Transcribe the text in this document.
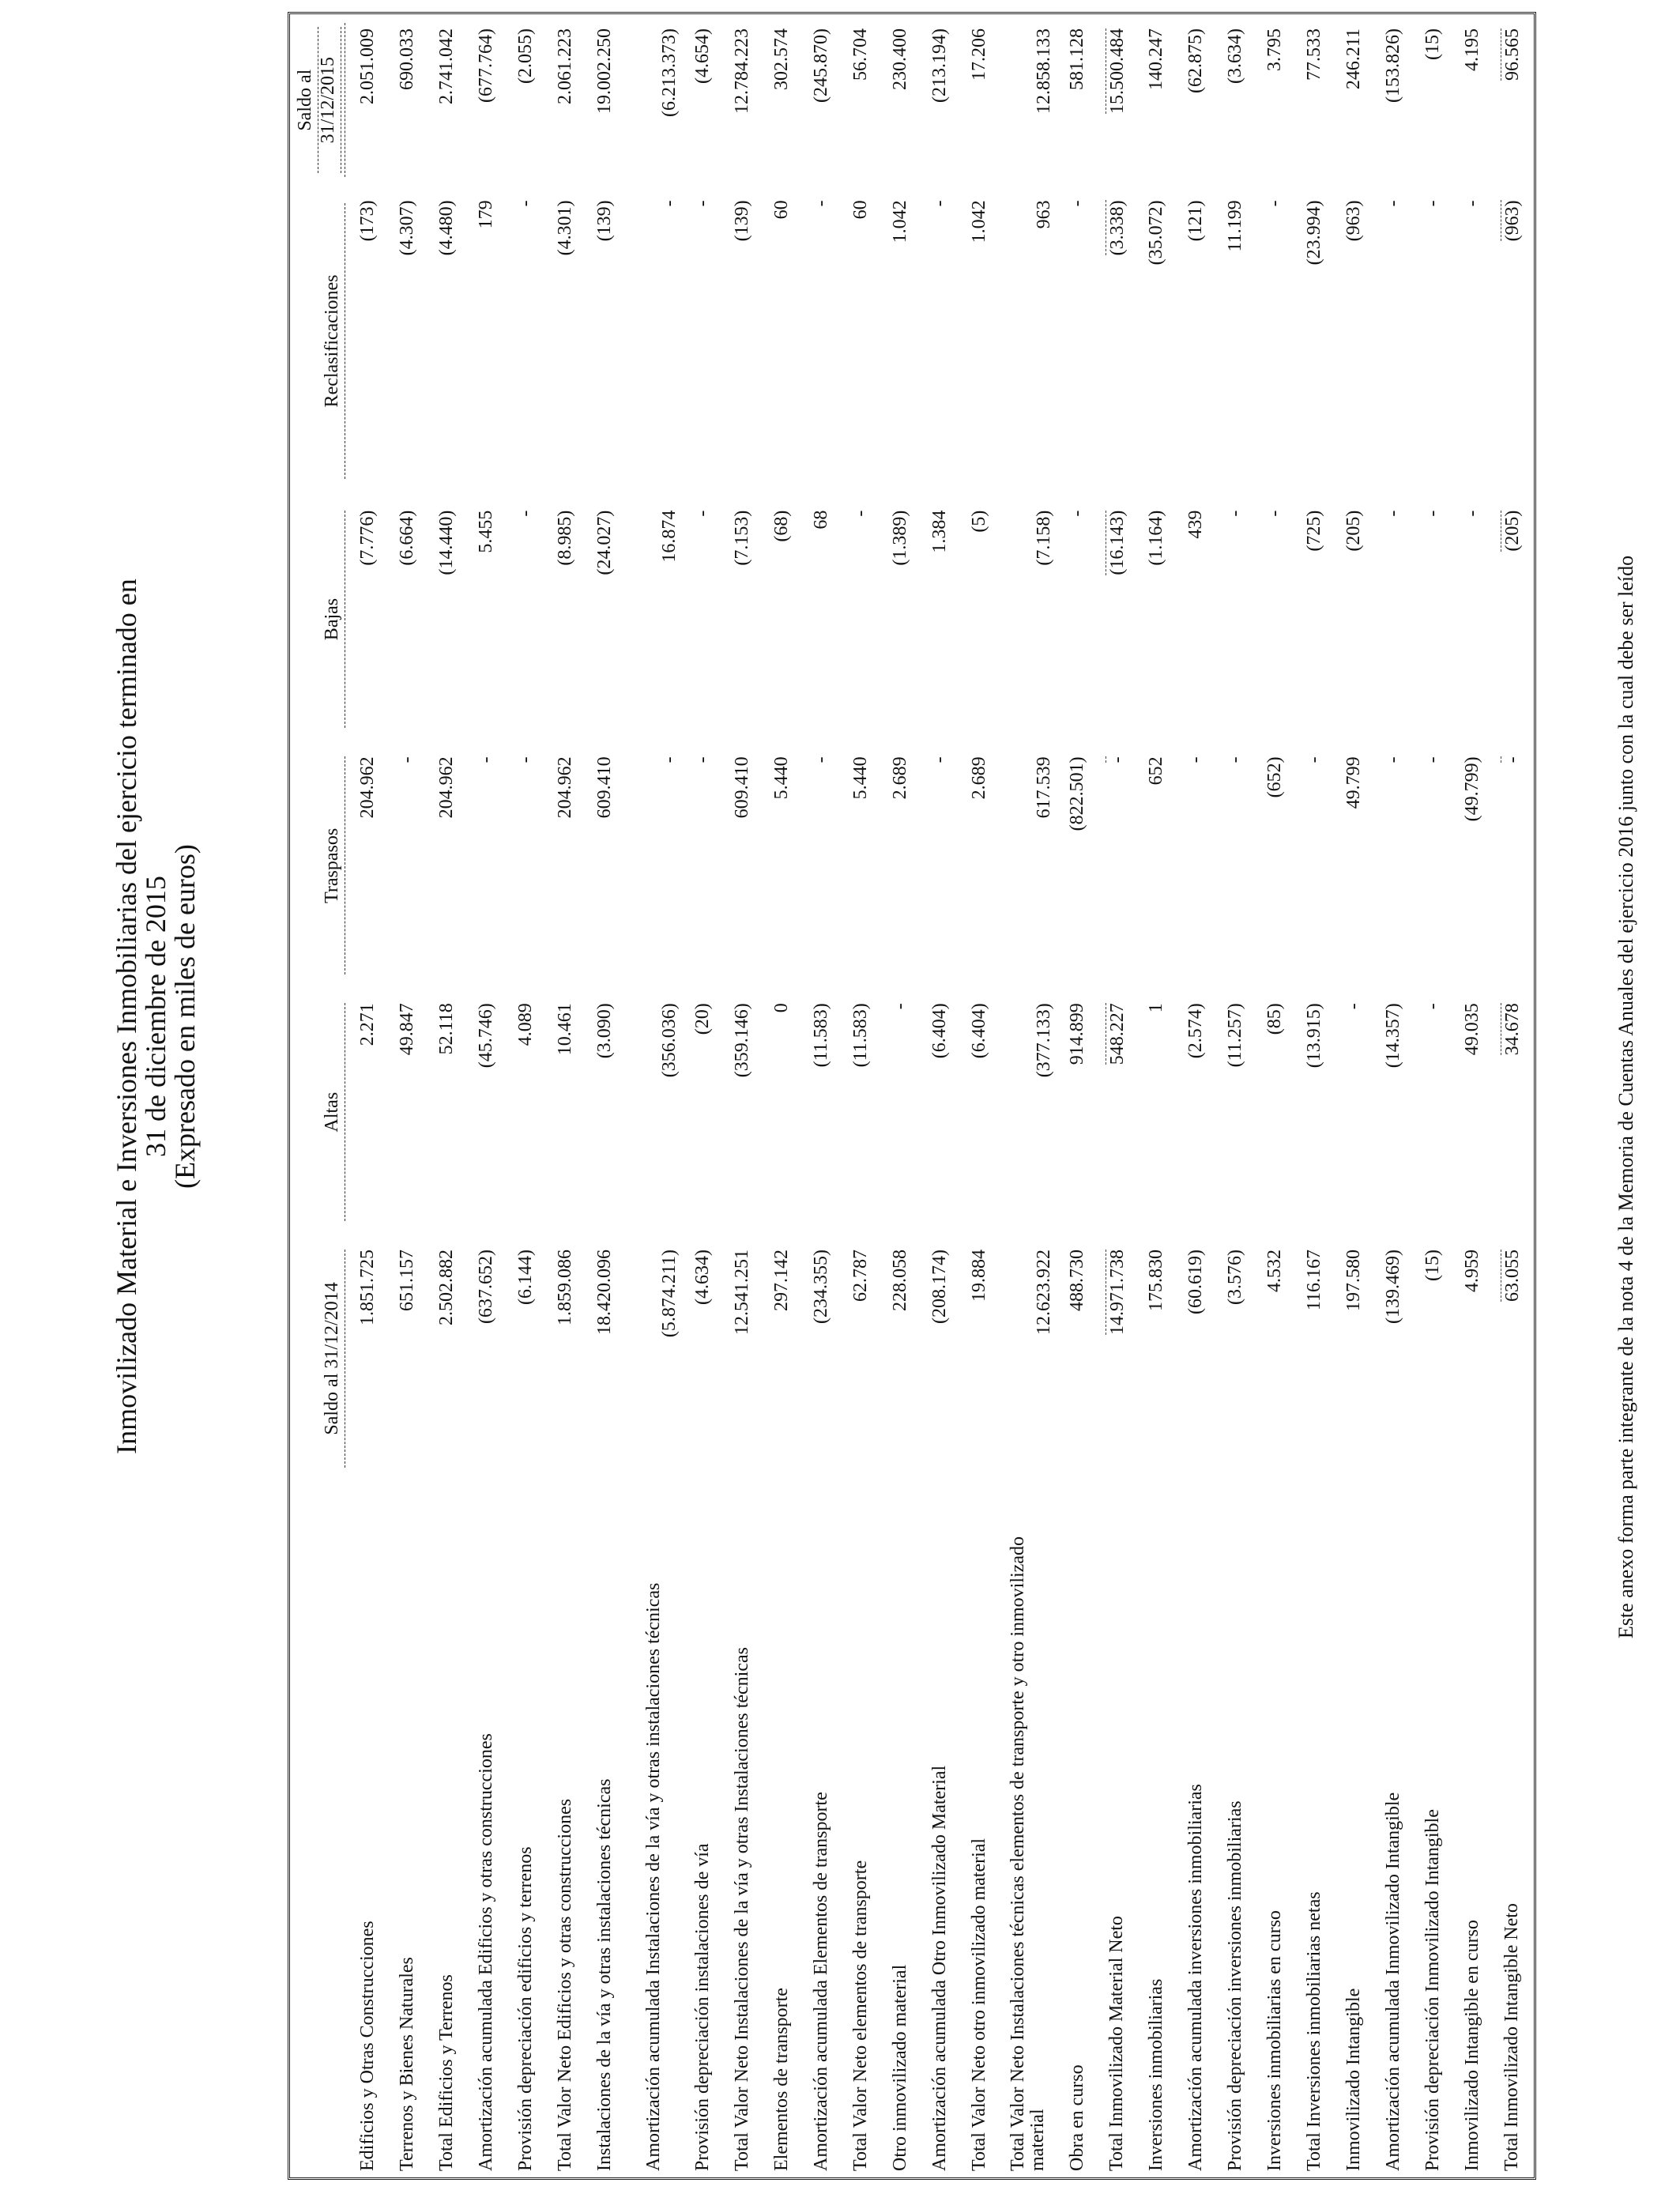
Inmovilizado Material e Inversiones Inmobiliarias del ejercicio terminado en
31 de diciembre de 2015
(Expresado en miles de euros)
	Saldo al 31/12/2014	Altas	Traspasos	Bajas	Reclasificaciones	Saldo al 31/12/2015
Edificios y Otras Construcciones	1.851.725	2.271	204.962	(7.776)	(173)	2.051.009
Terrenos y Bienes Naturales	651.157	49.847	-	(6.664)	(4.307)	690.033
Total Edificios y Terrenos	2.502.882	52.118	204.962	(14.440)	(4.480)	2.741.042
Amortización acumulada Edificios y otras construcciones	(637.652)	(45.746)	-	5.455	179	(677.764)
Provisión depreciación edificios y terrenos	(6.144)	4.089	-	-	-	(2.055)
Total Valor Neto Edificios y otras construcciones	1.859.086	10.461	204.962	(8.985)	(4.301)	2.061.223
Instalaciones de la vía y otras instalaciones técnicas	18.420.096	(3.090)	609.410	(24.027)	(139)	19.002.250
Amortización acumulada Instalaciones de la vía y otras instalaciones técnicas	(5.874.211)	(356.036)	-	16.874	-	(6.213.373)
Provisión depreciación instalaciones de vía	(4.634)	(20)	-	-	-	(4.654)
Total Valor Neto Instalaciones de la vía y otras Instalaciones técnicas	12.541.251	(359.146)	609.410	(7.153)	(139)	12.784.223
Elementos de transporte	297.142	0	5.440	(68)	60	302.574
Amortización acumulada Elementos de transporte	(234.355)	(11.583)	-	68	-	(245.870)
Total Valor Neto elementos de transporte	62.787	(11.583)	5.440	-	60	56.704
Otro inmovilizado material	228.058	-	2.689	(1.389)	1.042	230.400
Amortización acumulada Otro Inmovilizado Material	(208.174)	(6.404)	-	1.384	-	(213.194)
Total Valor Neto otro inmovilizado material	19.884	(6.404)	2.689	(5)	1.042	17.206
Total Valor Neto Instalaciones técnicas elementos de transporte y otro inmovilizado material	12.623.922	(377.133)	617.539	(7.158)	963	12.858.133
Obra en curso	488.730	914.899	(822.501)	-	-	581.128
Total Inmovilizado Material Neto	14.971.738	548.227	-	(16.143)	(3.338)	15.500.484
Inversiones inmobiliarias	175.830	1	652	(1.164)	(35.072)	140.247
Amortización acumulada inversiones inmobiliarias	(60.619)	(2.574)	-	439	(121)	(62.875)
Provisión depreciación inversiones inmobiliarias	(3.576)	(11.257)	-	-	11.199	(3.634)
Inversiones inmobiliarias en curso	4.532	(85)	(652)	-	-	3.795
Total Inversiones inmobiliarias netas	116.167	(13.915)	-	(725)	(23.994)	77.533
Inmovilizado Intangible	197.580	-	49.799	(205)	(963)	246.211
Amortización acumulada Inmovilizado Intangible	(139.469)	(14.357)	-	-	-	(153.826)
Provisión depreciación Inmovilizado Intangible	(15)	-	-	-	-	(15)
Inmovilizado Intangible en curso	4.959	49.035	(49.799)	-	-	4.195
Total Inmovilizado Intangible Neto	63.055	34.678	-	(205)	(963)	96.565
Este anexo forma parte integrante de la nota 4 de la Memoria de Cuentas Anuales del ejercicio 2016 junto con la cual debe ser leído
